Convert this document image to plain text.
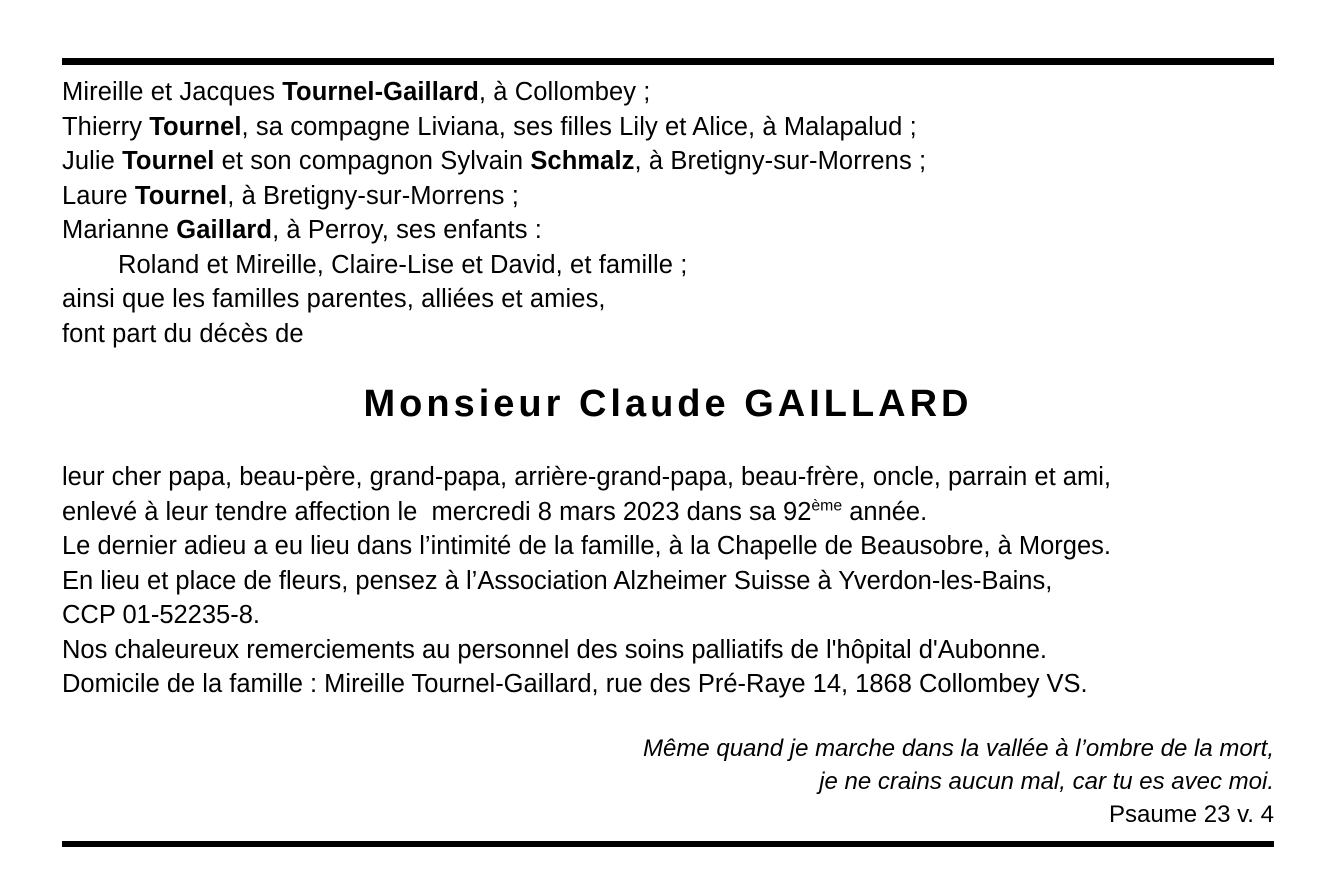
Mireille et Jacques Tournel-Gaillard, à Collombey ;
Thierry Tournel, sa compagne Liviana, ses filles Lily et Alice, à Malapalud ;
Julie Tournel et son compagnon Sylvain Schmalz, à Bretigny-sur-Morrens ;
Laure Tournel, à Bretigny-sur-Morrens ;
Marianne Gaillard, à Perroy, ses enfants :
Roland et Mireille, Claire-Lise et David, et famille ;
ainsi que les familles parentes, alliées et amies,
font part du décès de
Monsieur Claude GAILLARD
leur cher papa, beau-père, grand-papa, arrière-grand-papa, beau-frère, oncle, parrain et ami,
enlevé à leur tendre affection le  mercredi 8 mars 2023 dans sa 92ème année.
Le dernier adieu a eu lieu dans l’intimité de la famille, à la Chapelle de Beausobre, à Morges.
En lieu et place de fleurs, pensez à l’Association Alzheimer Suisse à Yverdon-les-Bains,
CCP 01-52235-8.
Nos chaleureux remerciements au personnel des soins palliatifs de l'hôpital d'Aubonne.
Domicile de la famille : Mireille Tournel-Gaillard, rue des Pré-Raye 14, 1868 Collombey VS.
Même quand je marche dans la vallée à l’ombre de la mort,
je ne crains aucun mal, car tu es avec moi.
Psaume 23 v. 4
